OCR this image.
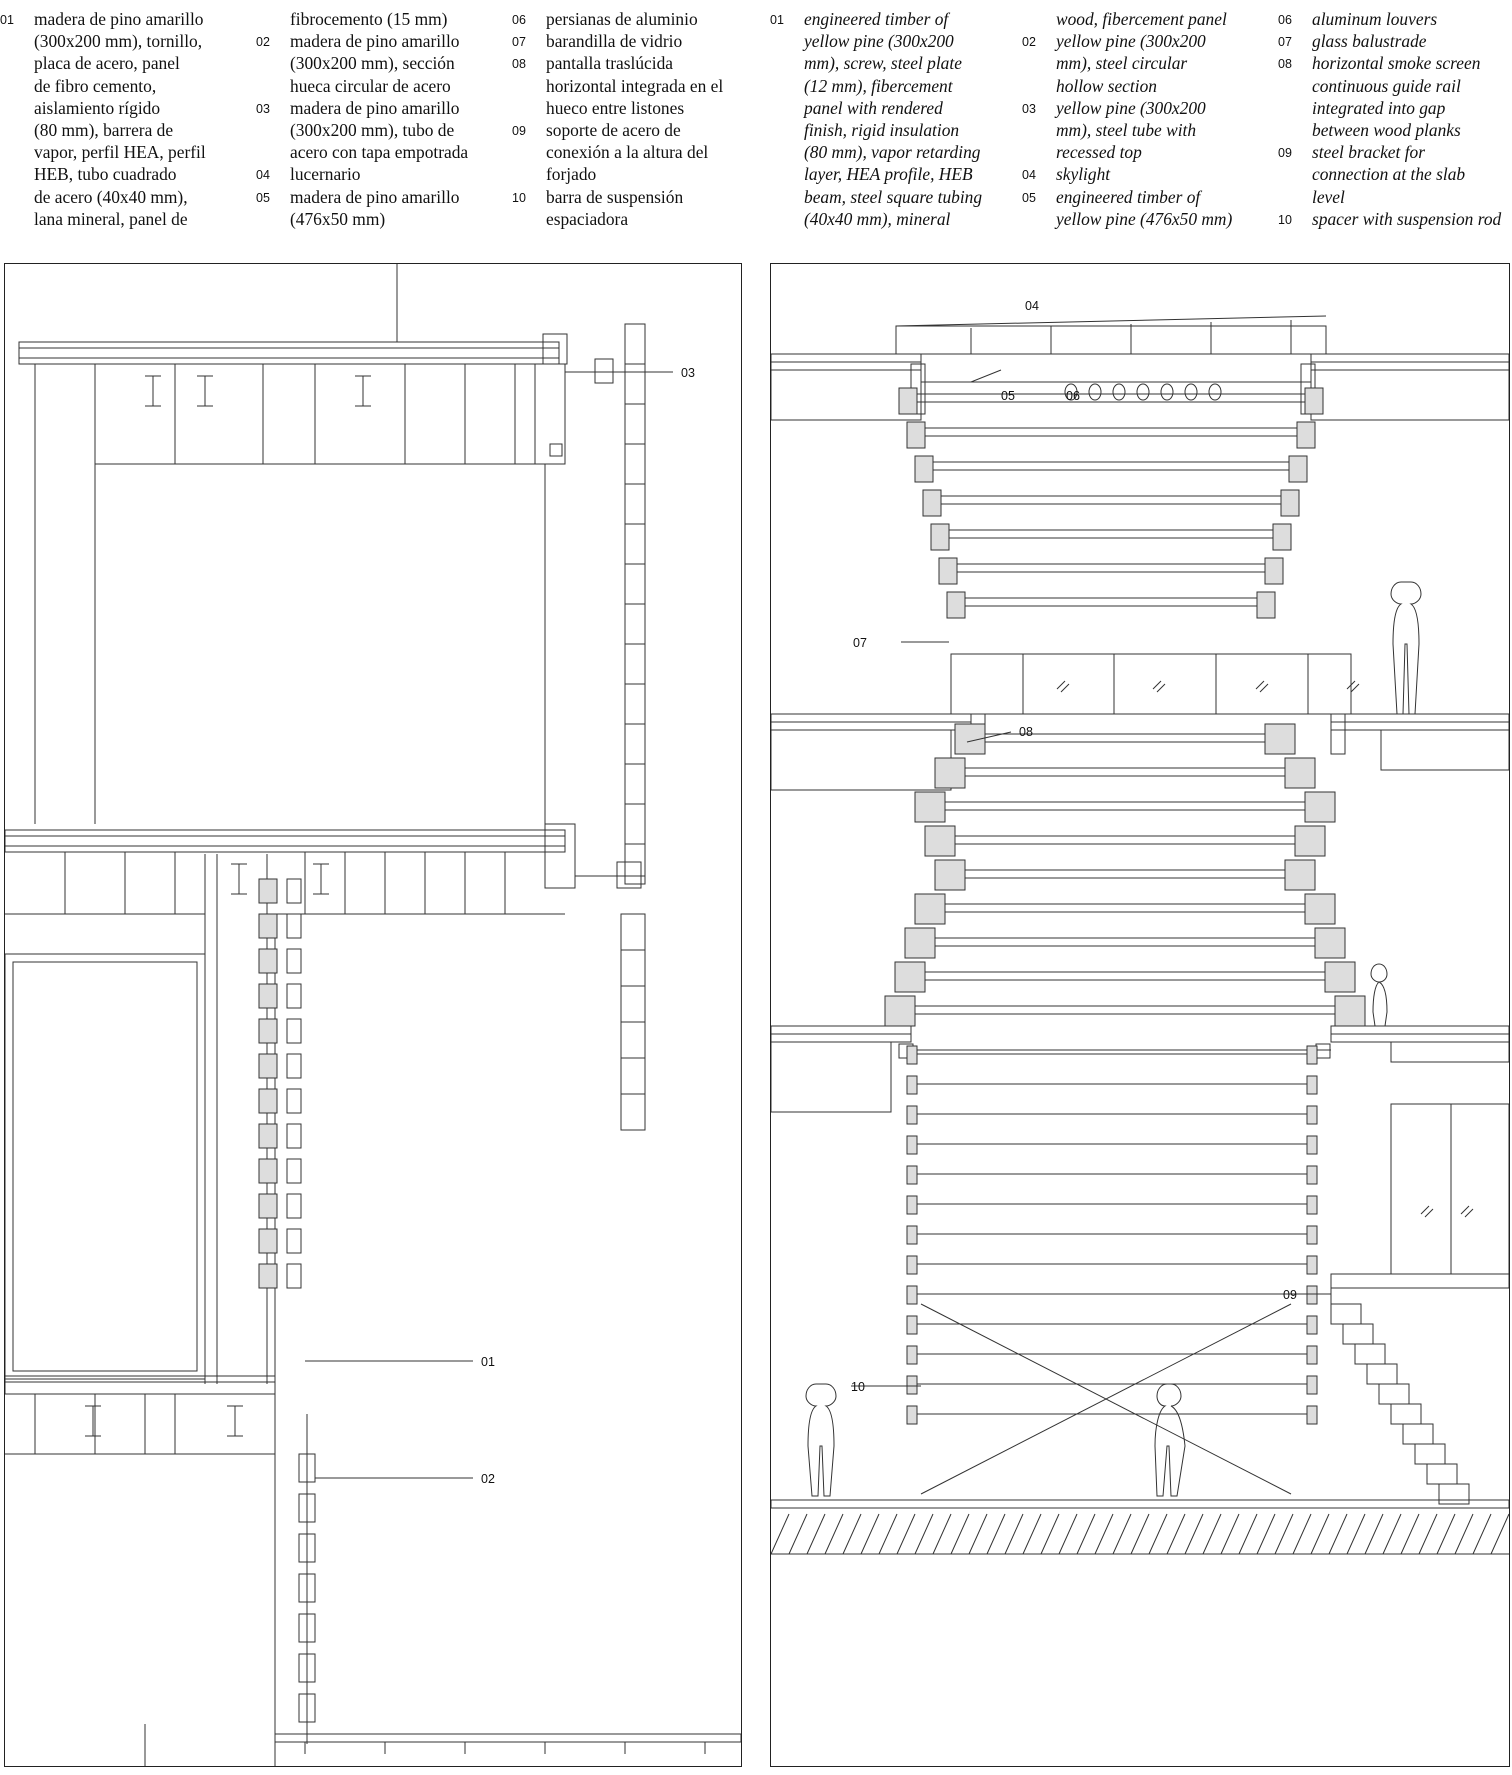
01	madera de pino amarillo
(300x200 mm), tornillo,
placa de acero, panel
de fibro cemento,
aislamiento rígido
(80 mm), barrera de
vapor, perfil HEA, perfil
HEB, tubo cuadrado
de acero (40x40 mm),
lana mineral, panel de
fibrocemento (15 mm)
02	madera de pino amarillo
(300x200 mm), sección
hueca circular de acero
03	madera de pino amarillo
(300x200 mm), tubo de
acero con tapa empotrada
04	lucernario
05	madera de pino amarillo
(476x50 mm)
06	persianas de aluminio
07	barandilla de vidrio
08	pantalla traslúcida
horizontal integrada en el
hueco entre listones
09	soporte de acero de
conexión a la altura del
forjado
10	barra de suspensión
espaciadora
01	engineered timber of
yellow pine (300x200
mm), screw, steel plate
(12 mm), fibercement
panel with rendered
finish, rigid insulation
(80 mm), vapor retarding
layer, HEA profile, HEB
beam, steel square tubing
(40x40 mm), mineral
wood, fibercement panel
02	yellow pine (300x200
mm), steel circular
hollow section
03	yellow pine (300x200
mm), steel tube with
recessed top
04	skylight
05	engineered timber of
yellow pine (476x50 mm)
06	aluminum louvers
07	glass balustrade
08	horizontal smoke screen
continuous guide rail
integrated into gap
between wood planks
09	steel bracket for
connection at the slab
level
10	spacer with suspension rod
03
01
02
04
05	06
07
08
09
10
